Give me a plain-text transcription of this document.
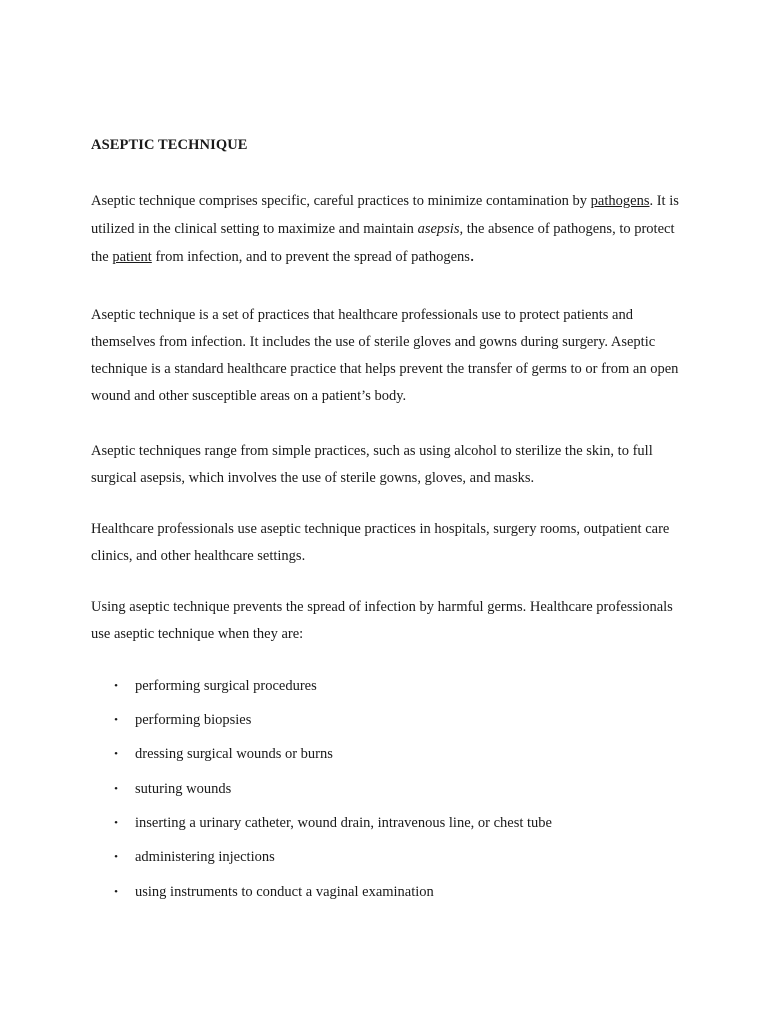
ASEPTIC TECHNIQUE

Aseptic technique comprises specific, careful practices to minimize contamination by pathogens. It is utilized in the clinical setting to maximize and maintain asepsis, the absence of pathogens, to protect the patient from infection, and to prevent the spread of pathogens.

Aseptic technique is a set of practices that healthcare professionals use to protect patients and themselves from infection. It includes the use of sterile gloves and gowns during surgery. Aseptic technique is a standard healthcare practice that helps prevent the transfer of germs to or from an open wound and other susceptible areas on a patient’s body.

Aseptic techniques range from simple practices, such as using alcohol to sterilize the skin, to full surgical asepsis, which involves the use of sterile gowns, gloves, and masks.

Healthcare professionals use aseptic technique practices in hospitals, surgery rooms, outpatient care clinics, and other healthcare settings.

Using aseptic technique prevents the spread of infection by harmful germs. Healthcare professionals use aseptic technique when they are:

• performing surgical procedures
• performing biopsies
• dressing surgical wounds or burns
• suturing wounds
• inserting a urinary catheter, wound drain, intravenous line, or chest tube
• administering injections
• using instruments to conduct a vaginal examination
